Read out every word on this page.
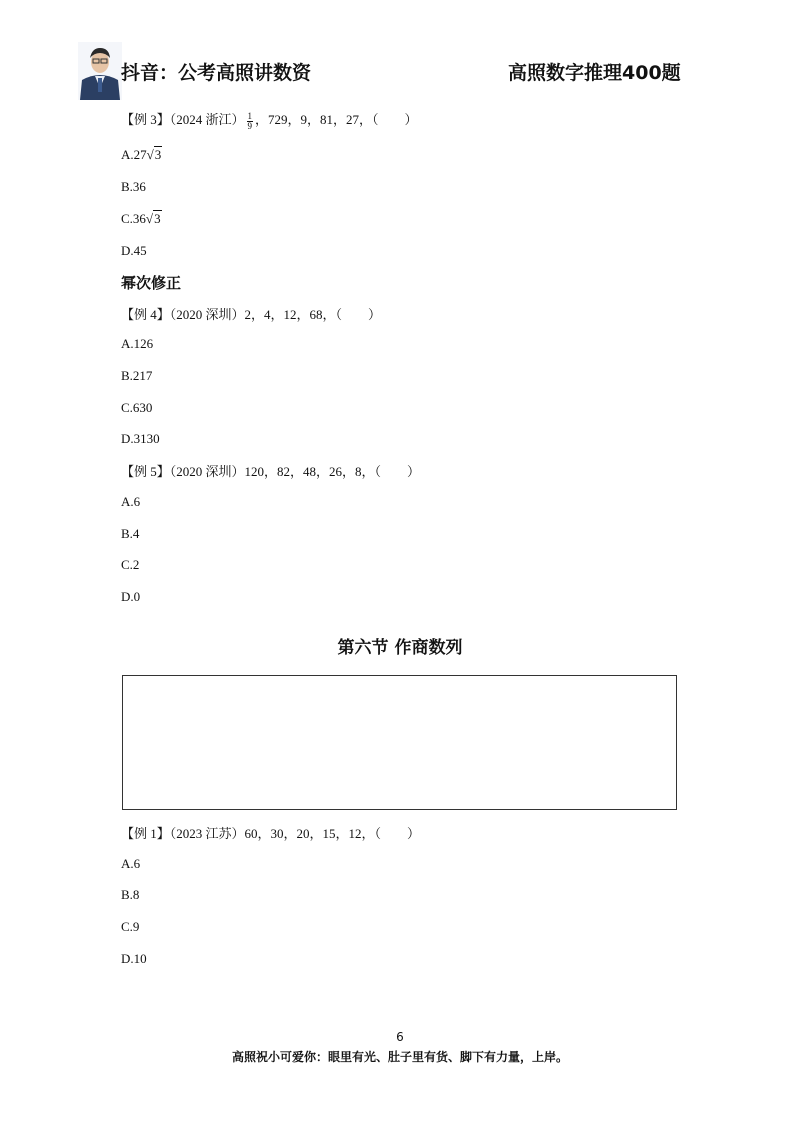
抖音：公考高照讲数资	高照数字推理400题
【例 3】（2024 浙江） $\frac{1}{9}$ ，729，9，81，27，（　　）
A.27√3
B.36
C.36√3
D.45
幂次修正
【例 4】（2020 深圳）2，4，12，68，（　　）
A.126
B.217
C.630
D.3130
【例 5】（2020 深圳）120，82，48，26，8，（　　）
A.6
B.4
C.2
D.0
第六节 作商数列
【例 1】（2023 江苏）60，30，20，15，12，（　　）
A.6
B.8
C.9
D.10
6
高照祝小可爱你：眼里有光、肚子里有货、脚下有力量，上岸。
